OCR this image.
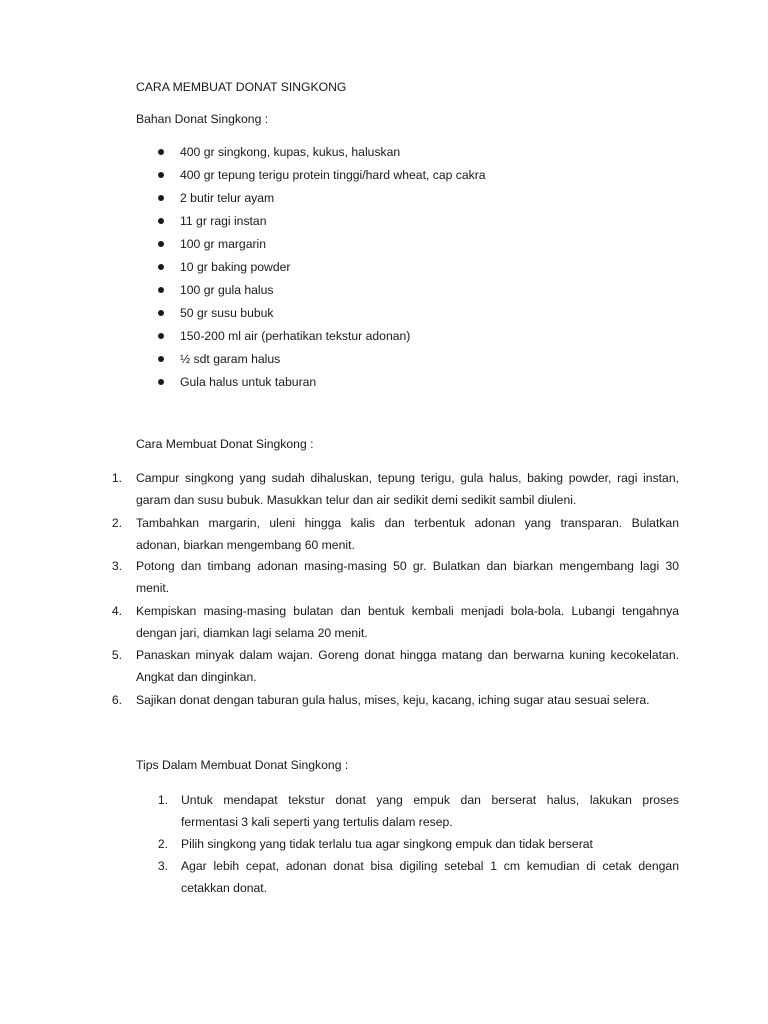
CARA MEMBUAT DONAT SINGKONG
Bahan Donat Singkong :
400 gr singkong, kupas, kukus, haluskan
400 gr tepung terigu protein tinggi/hard wheat, cap cakra
2 butir telur ayam
11 gr ragi instan
100 gr margarin
10 gr baking powder
100 gr gula halus
50 gr susu bubuk
150-200 ml air (perhatikan tekstur adonan)
½ sdt garam halus
Gula halus untuk taburan
Cara Membuat Donat Singkong :
1. Campur singkong yang sudah dihaluskan, tepung terigu, gula halus, baking powder, ragi instan,
garam dan susu bubuk. Masukkan telur dan air sedikit demi sedikit sambil diuleni.
2. Tambahkan margarin, uleni hingga kalis dan terbentuk adonan yang transparan. Bulatkan
adonan, biarkan mengembang 60 menit.
3. Potong dan timbang adonan masing-masing 50 gr. Bulatkan dan biarkan mengembang lagi 30
menit.
4. Kempiskan masing-masing bulatan dan bentuk kembali menjadi bola-bola. Lubangi tengahnya
dengan jari, diamkan lagi selama 20 menit.
5. Panaskan minyak dalam wajan. Goreng donat hingga matang dan berwarna kuning kecokelatan.
Angkat dan dinginkan.
6. Sajikan donat dengan taburan gula halus, mises, keju, kacang, iching sugar atau sesuai selera.
Tips Dalam Membuat Donat Singkong :
1. Untuk mendapat tekstur donat yang empuk dan berserat halus, lakukan proses
fermentasi 3 kali seperti yang tertulis dalam resep.
2. Pilih singkong yang tidak terlalu tua agar singkong empuk dan tidak berserat
3. Agar lebih cepat, adonan donat bisa digiling setebal 1 cm kemudian di cetak dengan
cetakkan donat.
